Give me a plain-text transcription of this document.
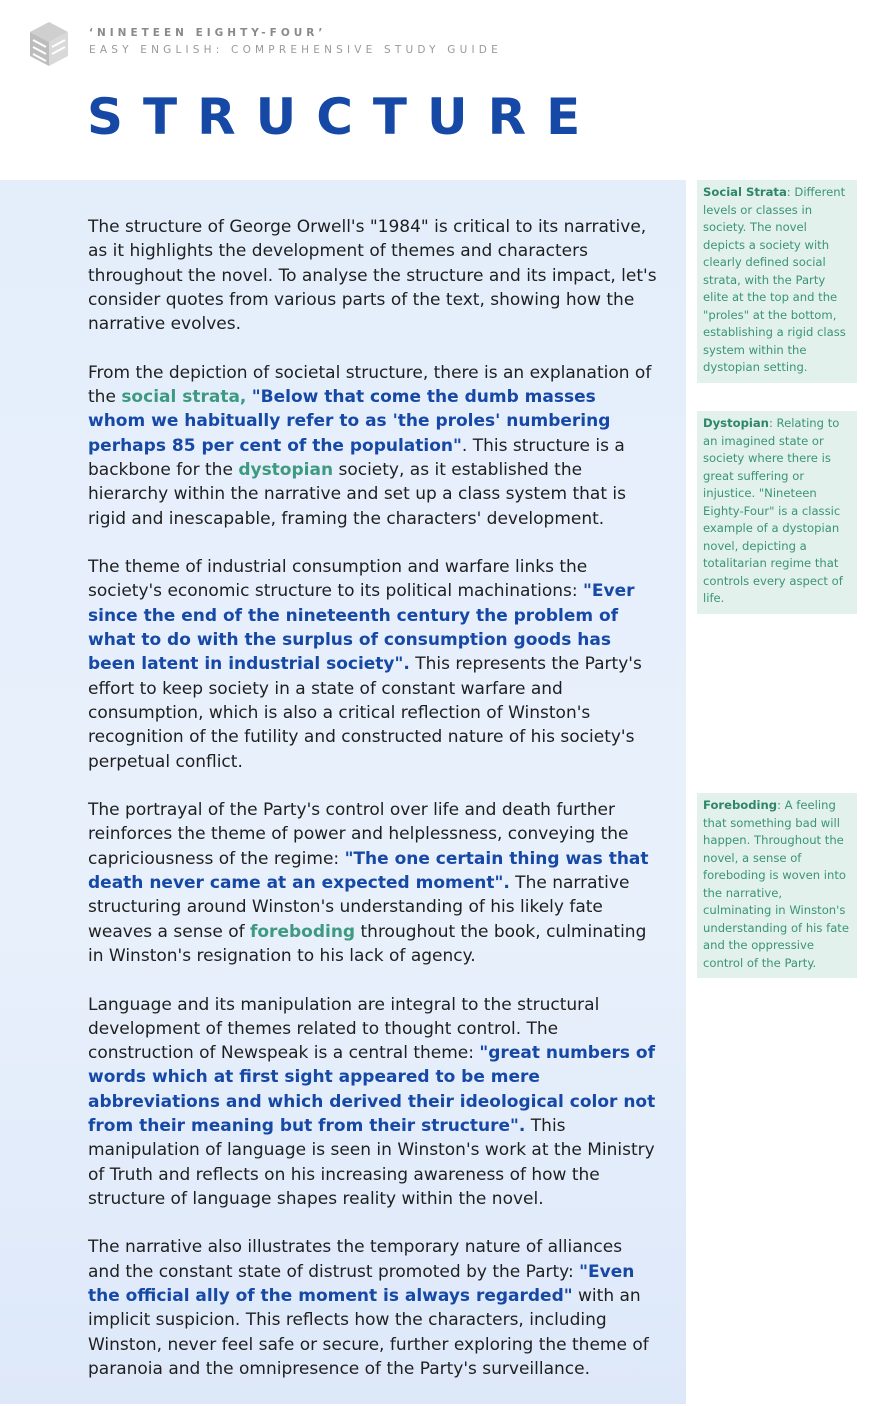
‘NINETEEN EIGHTY-FOUR’
EASY ENGLISH: COMPREHENSIVE STUDY GUIDE
STRUCTURE

The structure of George Orwell's "1984" is critical to its narrative, as it highlights the development of themes and characters throughout the novel. To analyse the structure and its impact, let's consider quotes from various parts of the text, showing how the narrative evolves.

From the depiction of societal structure, there is an explanation of the social strata, "Below that come the dumb masses whom we habitually refer to as 'the proles' numbering perhaps 85 per cent of the population". This structure is a backbone for the dystopian society, as it established the hierarchy within the narrative and set up a class system that is rigid and inescapable, framing the characters' development.

The theme of industrial consumption and warfare links the society's economic structure to its political machinations: "Ever since the end of the nineteenth century the problem of what to do with the surplus of consumption goods has been latent in industrial society". This represents the Party's effort to keep society in a state of constant warfare and consumption, which is also a critical reflection of Winston's recognition of the futility and constructed nature of his society's perpetual conflict.

The portrayal of the Party's control over life and death further reinforces the theme of power and helplessness, conveying the capriciousness of the regime: "The one certain thing was that death never came at an expected moment". The narrative structuring around Winston's understanding of his likely fate weaves a sense of foreboding throughout the book, culminating in Winston's resignation to his lack of agency.

Language and its manipulation are integral to the structural development of themes related to thought control. The construction of Newspeak is a central theme: "great numbers of words which at first sight appeared to be mere abbreviations and which derived their ideological color not from their meaning but from their structure". This manipulation of language is seen in Winston's work at the Ministry of Truth and reflects on his increasing awareness of how the structure of language shapes reality within the novel.

The narrative also illustrates the temporary nature of alliances and the constant state of distrust promoted by the Party: "Even the official ally of the moment is always regarded" with an implicit suspicion. This reflects how the characters, including Winston, never feel safe or secure, further exploring the theme of paranoia and the omnipresence of the Party's surveillance.

Social Strata: Different levels or classes in society. The novel depicts a society with clearly defined social strata, with the Party elite at the top and the "proles" at the bottom, establishing a rigid class system within the dystopian setting.
Dystopian: Relating to an imagined state or society where there is great suffering or injustice. "Nineteen Eighty-Four" is a classic example of a dystopian novel, depicting a totalitarian regime that controls every aspect of life.
Foreboding: A feeling that something bad will happen. Throughout the novel, a sense of foreboding is woven into the narrative, culminating in Winston's understanding of his fate and the oppressive control of the Party.
